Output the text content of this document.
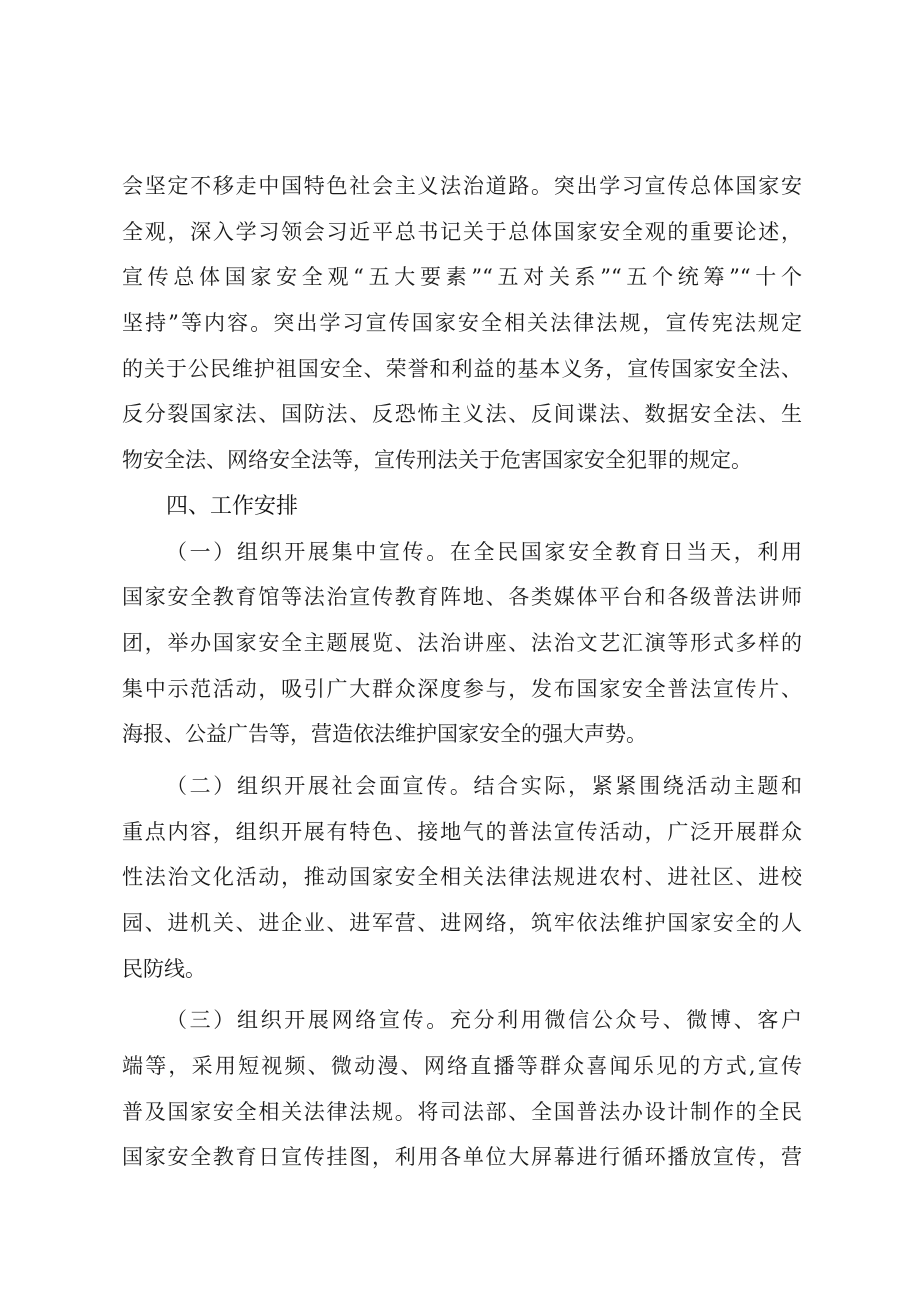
会坚定不移走中国特色社会主义法治道路。突出学习宣传总体国家安
全观，深入学习领会习近平总书记关于总体国家安全观的重要论述，
宣传总体国家安全观“五大要素”“五对关系”“五个统筹”“十个
坚持”等内容。突出学习宣传国家安全相关法律法规，宣传宪法规定
的关于公民维护祖国安全、荣誉和利益的基本义务，宣传国家安全法、
反分裂国家法、国防法、反恐怖主义法、反间谍法、数据安全法、生
物安全法、网络安全法等，宣传刑法关于危害国家安全犯罪的规定。
四、工作安排
（一）组织开展集中宣传。在全民国家安全教育日当天，利用
国家安全教育馆等法治宣传教育阵地、各类媒体平台和各级普法讲师
团，举办国家安全主题展览、法治讲座、法治文艺汇演等形式多样的
集中示范活动，吸引广大群众深度参与，发布国家安全普法宣传片、
海报、公益广告等，营造依法维护国家安全的强大声势。
（二）组织开展社会面宣传。结合实际，紧紧围绕活动主题和
重点内容，组织开展有特色、接地气的普法宣传活动，广泛开展群众
性法治文化活动，推动国家安全相关法律法规进农村、进社区、进校
园、进机关、进企业、进军营、进网络，筑牢依法维护国家安全的人
民防线。
（三）组织开展网络宣传。充分利用微信公众号、微博、客户
端等，采用短视频、微动漫、网络直播等群众喜闻乐见的方式,宣传
普及国家安全相关法律法规。将司法部、全国普法办设计制作的全民
国家安全教育日宣传挂图，利用各单位大屏幕进行循环播放宣传，营
